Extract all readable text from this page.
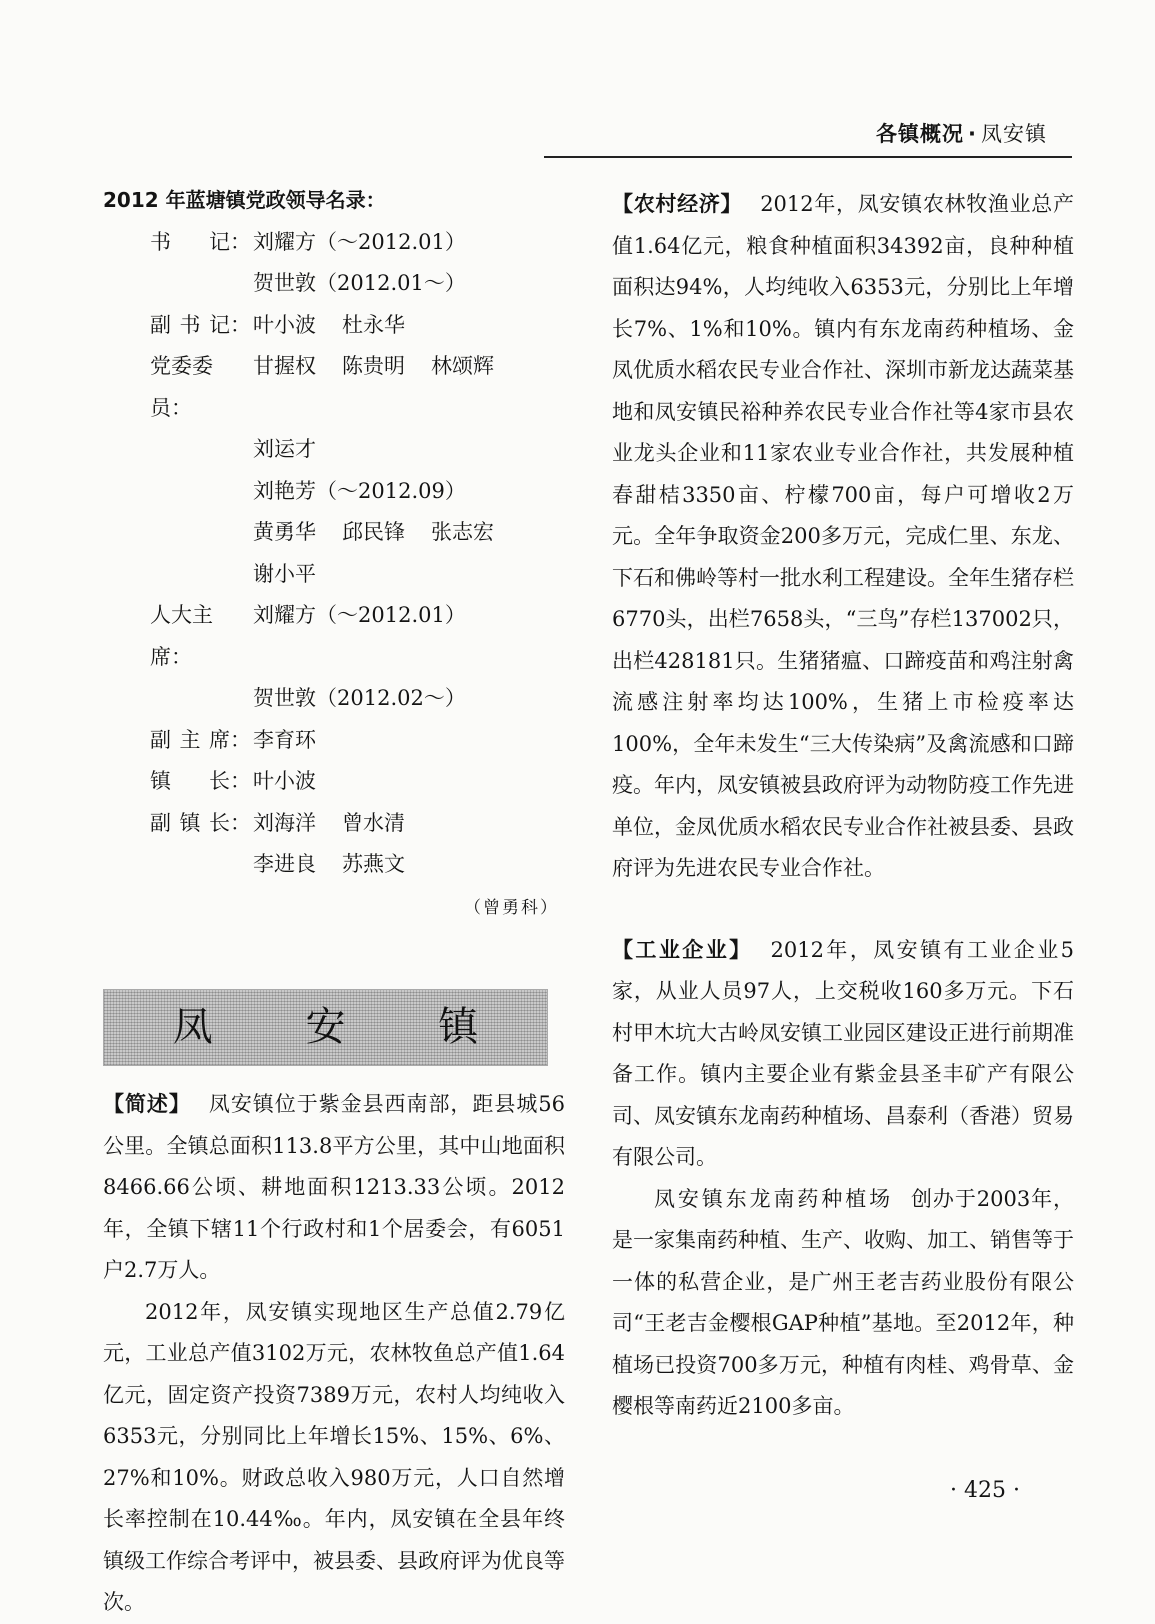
各镇概况 · 凤安镇

2012 年蓝塘镇党政领导名录：

书 记： 刘耀方（～2012.01）
贺世敦（2012.01～）
副 书 记： 叶小波 杜永华
党委委员：
甘握权 陈贵明 林颂辉
刘运才刘艳芳（～2012.09）
黄勇华 邱民锋 张志宏
谢小平
人大主席：
刘耀方（～2012.01）
贺世敦（2012.02～）
副 主 席： 李育环
镇 长： 叶小波
副 镇 长： 刘海洋 曾水清
李进良 苏燕文
（曾勇科）
凤 安 镇

【简述】 凤安镇位于紫金县西南部，距县城56公里。全镇总面积113.8平方公里，其中山地面积8466.66公顷、耕地面积1213.33公顷。2012年，全镇下辖11个行政村和1个居委会，有6051户2.7万人。

2012年，凤安镇实现地区生产总值2.79亿元，工业总产值3102万元，农林牧鱼总产值1.64亿元，固定资产投资7389万元，农村人均纯收入6353元，分别同比上年增长15%、15%、6%、27%和10%。财政总收入980万元，人口自然增长率控制在10.44‰。年内，凤安镇在全县年终镇级工作综合考评中，被县委、县政府评为优良等次。

【农村经济】 2012年，凤安镇农林牧渔业总产值1.64亿元，粮食种植面积34392亩，良种种植面积达94%，人均纯收入6353元，分别比上年增长7%、1%和10%。镇内有东龙南药种植场、金凤优质水稻农民专业合作社、深圳市新龙达蔬菜基地和凤安镇民裕种养农民专业合作社等4家市县农业龙头企业和11家农业专业合作社，共发展种植春甜桔3350亩、柠檬700亩，每户可增收2万元。全年争取资金200多万元，完成仁里、东龙、下石和佛岭等村一批水利工程建设。全年生猪存栏6770头，出栏7658头，“三鸟”存栏137002只，出栏428181只。生猪猪瘟、口蹄疫苗和鸡注射禽流感注射率均达100%，生猪上市检疫率达100%，全年未发生“三大传染病”及禽流感和口蹄疫。年内，凤安镇被县政府评为动物防疫工作先进单位，金凤优质水稻农民专业合作社被县委、县政府评为先进农民专业合作社。

【工业企业】 2012年，凤安镇有工业企业5家，从业人员97人，上交税收160多万元。下石村甲木坑大古岭凤安镇工业园区建设正进行前期准备工作。镇内主要企业有紫金县圣丰矿产有限公司、凤安镇东龙南药种植场、昌泰利（香港）贸易有限公司。

凤安镇东龙南药种植场 创办于2003年，是一家集南药种植、生产、收购、加工、销售等于一体的私营企业，是广州王老吉药业股份有限公司“王老吉金樱根GAP种植”基地。至2012年，种植场已投资700多万元，种植有肉桂、鸡骨草、金樱根等南药近2100多亩。

· 425 ·
